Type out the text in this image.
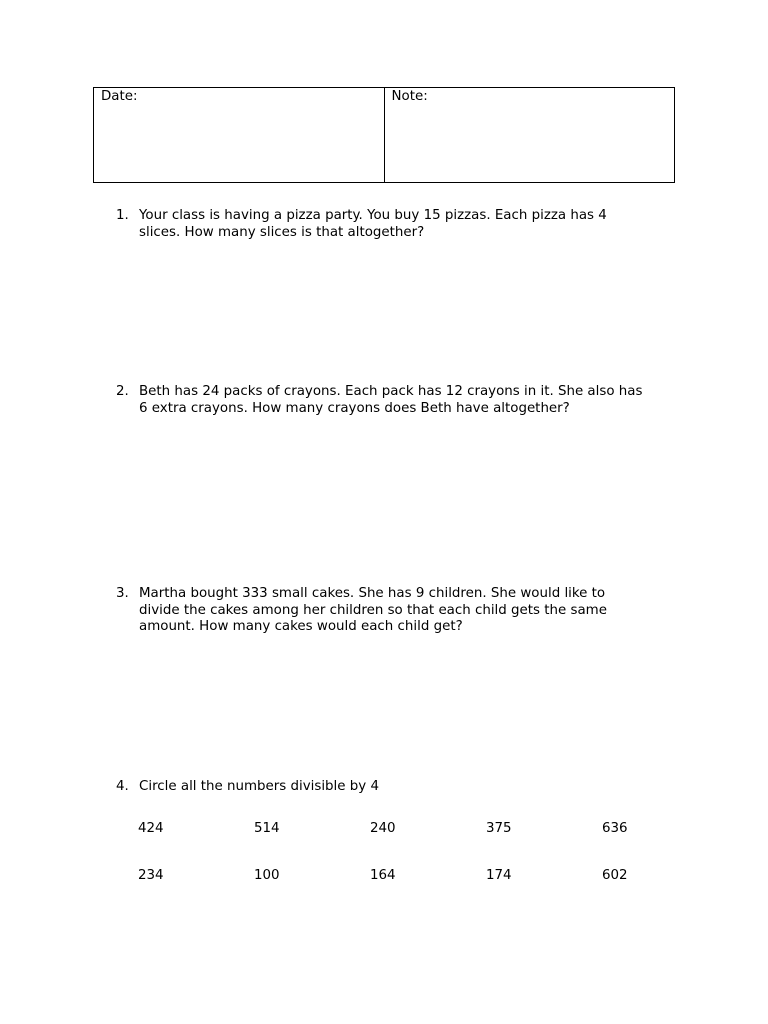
Date:	Note:
1. Your class is having a pizza party. You buy 15 pizzas. Each pizza has 4
slices. How many slices is that altogether?
2. Beth has 24 packs of crayons. Each pack has 12 crayons in it. She also has
6 extra crayons. How many crayons does Beth have altogether?
3. Martha bought 333 small cakes. She has 9 children. She would like to
divide the cakes among her children so that each child gets the same
amount. How many cakes would each child get?
4. Circle all the numbers divisible by 4
424	514	240	375	636
234	100	164	174	602
